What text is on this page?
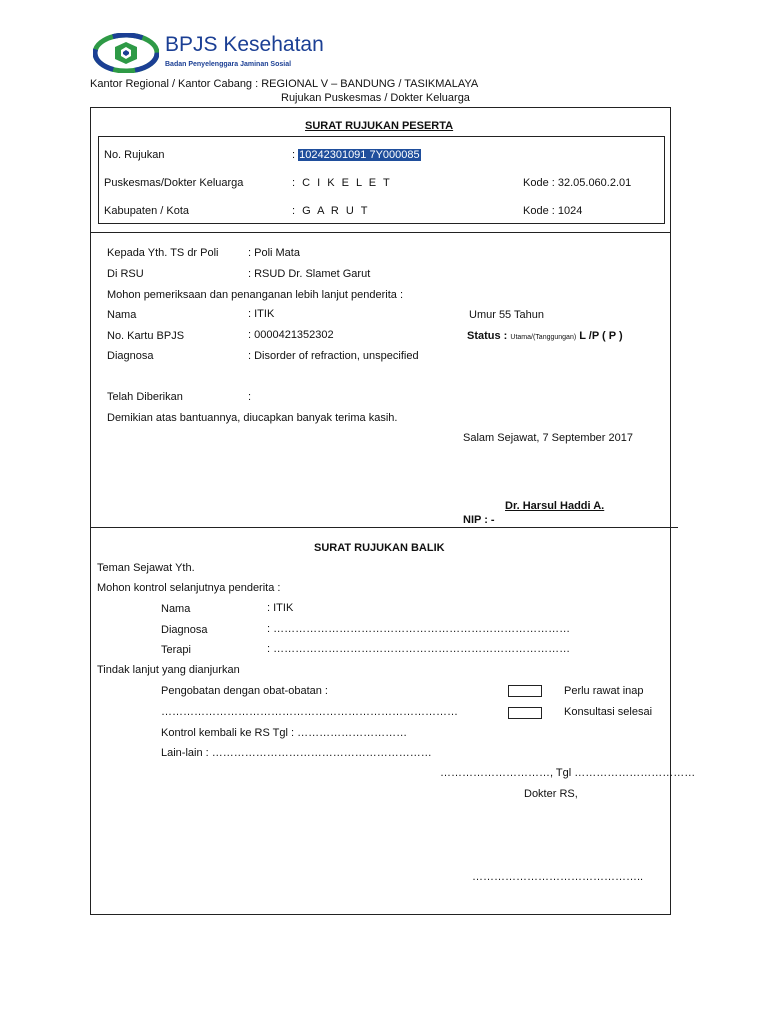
BPJS Kesehatan
Badan Penyelenggara Jaminan Sosial
Kantor Regional / Kantor Cabang : REGIONAL V – BANDUNG / TASIKMALAYA
Rujukan Puskesmas / Dokter Keluarga
SURAT RUJUKAN PESERTA
No. Rujukan	: 10242301091 7Y000085
Puskesmas/Dokter Keluarga	: C I K E L E T	Kode : 32.05.060.2.01
Kabupaten / Kota	: G A R U T	Kode : 1024
Kepada Yth. TS dr Poli	: Poli Mata
Di RSU	: RSUD Dr. Slamet Garut
Mohon pemeriksaan dan penanganan lebih lanjut penderita :
Nama	: ITIK	Umur 55 Tahun
No. Kartu BPJS	: 0000421352302	Status : Utama/(Tanggungan) L /P ( P )
Diagnosa	: Disorder of refraction, unspecified
Telah Diberikan	:
Demikian atas bantuannya, diucapkan banyak terima kasih.
Salam Sejawat, 7 September 2017
Dr. Harsul Haddi A.
NIP : -
SURAT RUJUKAN BALIK
Teman Sejawat Yth.
Mohon kontrol selanjutnya penderita :
Nama	: ITIK
Diagnosa	: ………………………………………………………………………
Terapi	: ………………………………………………………………………
Tindak lanjut yang dianjurkan
Pengobatan dengan obat-obatan :	Perlu rawat inap
………………………………………………………………………	Konsultasi selesai
Kontrol kembali ke RS Tgl : …………………………
Lain-lain : ……………………………………………………
…………………………, Tgl ……………………………
Dokter RS,
………………………………………..
